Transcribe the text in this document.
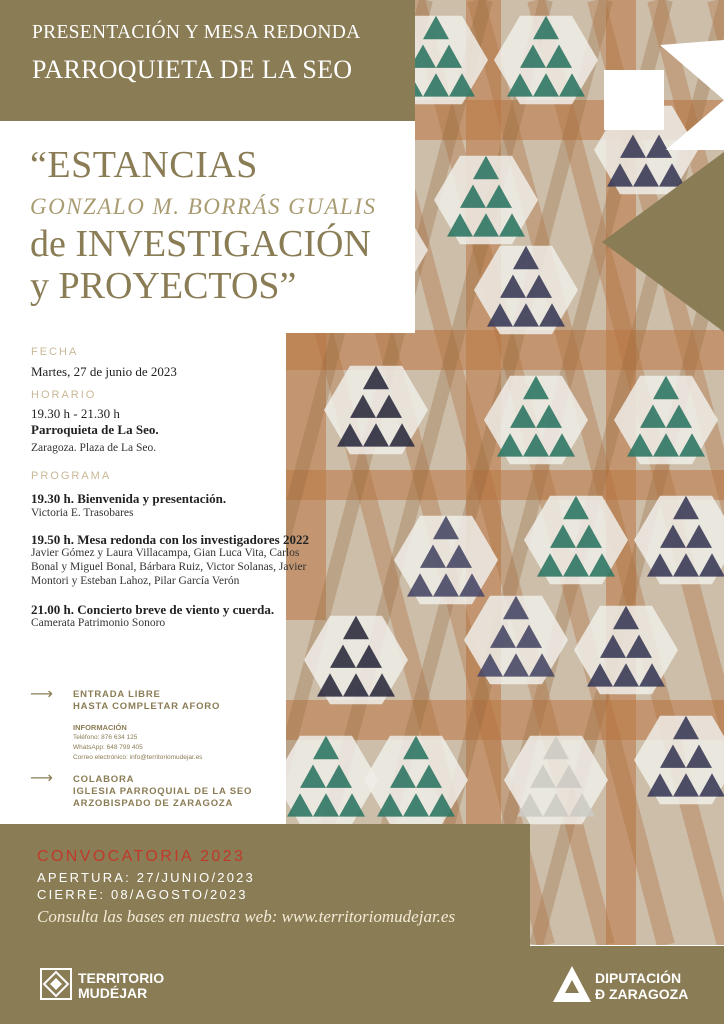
PRESENTACIÓN Y MESA REDONDA
PARROQUIETA DE LA SEO
“ESTANCIAS
GONZALO M. BORRÁS GUALIS
de INVESTIGACIÓN
y PROYECTOS”
FECHA
Martes, 27 de junio de 2023
HORARIO
19.30 h - 21.30 h
Parroquieta de La Seo.
Zaragoza. Plaza de La Seo.
PROGRAMA
19.30 h. Bienvenida y presentación.
Victoria E. Trasobares
19.50 h. Mesa redonda con los investigadores 2022
Javier Gómez y Laura Villacampa, Gian Luca Vita, Carlos
Bonal y Miguel Bonal, Bárbara Ruiz, Victor Solanas, Javier
Montori y Esteban Lahoz, Pilar García Verón
21.00 h. Concierto breve de viento y cuerda.
Camerata Patrimonio Sonoro
⟶ ENTRADA LIBRE
HASTA COMPLETAR AFORO
INFORMACIÓN
Teléfono: 876 634 125
WhatsApp: 648 799 405
Correo electrónico: info@territoriomudejar.es
⟶ COLABORA
IGLESIA PARROQUIAL DE LA SEO
ARZOBISPADO DE ZARAGOZA
CONVOCATORIA 2023
APERTURA: 27/JUNIO/2023
CIERRE: 08/AGOSTO/2023
Consulta las bases en nuestra web: www.territoriomudejar.es
TERRITORIO
MUDÉJAR
DIPUTACIÓN
Ð ZARAGOZA
